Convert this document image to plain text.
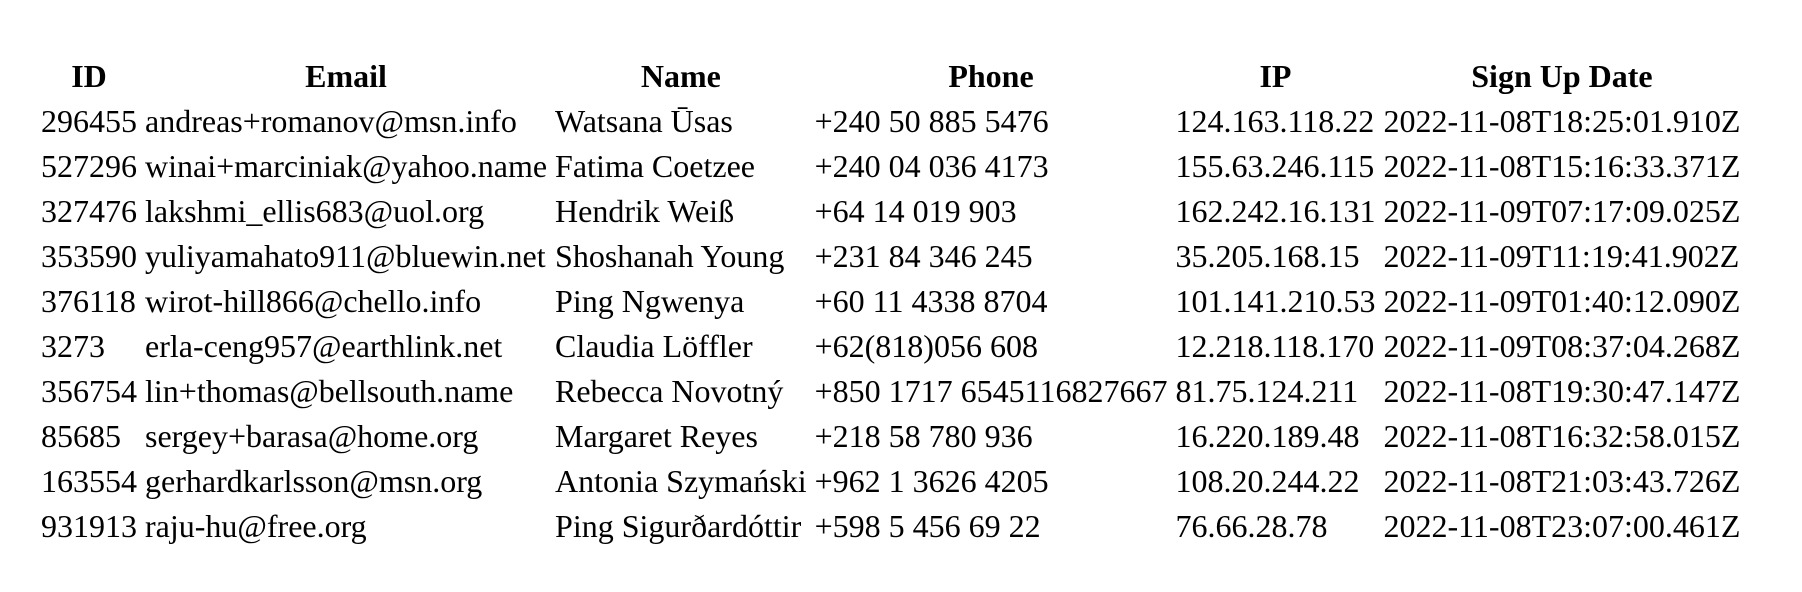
ID	Email	Name	Phone	IP	Sign Up Date
296455	andreas+romanov@msn.info	Watsana Ūsas	+240 50 885 5476	124.163.118.22	2022-11-08T18:25:01.910Z
527296	winai+marciniak@yahoo.name	Fatima Coetzee	+240 04 036 4173	155.63.246.115	2022-11-08T15:16:33.371Z
327476	lakshmi_ellis683@uol.org	Hendrik Weiß	+64 14 019 903	162.242.16.131	2022-11-09T07:17:09.025Z
353590	yuliyamahato911@bluewin.net	Shoshanah Young	+231 84 346 245	35.205.168.15	2022-11-09T11:19:41.902Z
376118	wirot-hill866@chello.info	Ping Ngwenya	+60 11 4338 8704	101.141.210.53	2022-11-09T01:40:12.090Z
3273	erla-ceng957@earthlink.net	Claudia Löffler	+62(818)056 608	12.218.118.170	2022-11-09T08:37:04.268Z
356754	lin+thomas@bellsouth.name	Rebecca Novotný	+850 1717 6545116827667	81.75.124.211	2022-11-08T19:30:47.147Z
85685	sergey+barasa@home.org	Margaret Reyes	+218 58 780 936	16.220.189.48	2022-11-08T16:32:58.015Z
163554	gerhardkarlsson@msn.org	Antonia Szymański	+962 1 3626 4205	108.20.244.22	2022-11-08T21:03:43.726Z
931913	raju-hu@free.org	Ping Sigurðardóttir	+598 5 456 69 22	76.66.28.78	2022-11-08T23:07:00.461Z
